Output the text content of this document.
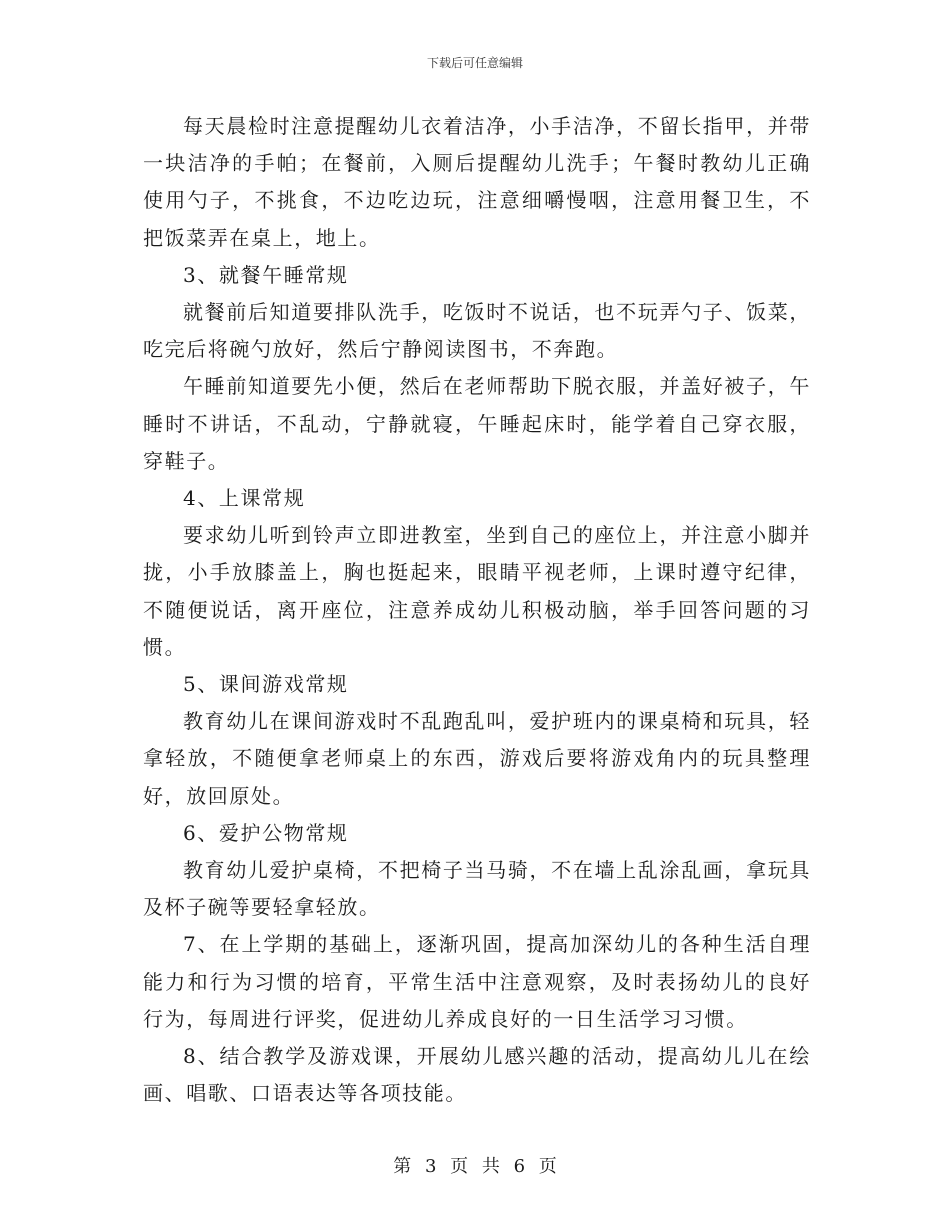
下载后可任意编辑

每天晨检时注意提醒幼儿衣着洁净，小手洁净，不留长指甲，并带一块洁净的手帕；在餐前，入厕后提醒幼儿洗手；午餐时教幼儿正确使用勺子，不挑食，不边吃边玩，注意细嚼慢咽，注意用餐卫生，不把饭菜弄在桌上，地上。

3、就餐午睡常规

就餐前后知道要排队洗手，吃饭时不说话，也不玩弄勺子、饭菜，吃完后将碗勺放好，然后宁静阅读图书，不奔跑。

午睡前知道要先小便，然后在老师帮助下脱衣服，并盖好被子，午睡时不讲话，不乱动，宁静就寝，午睡起床时，能学着自己穿衣服，穿鞋子。

4、上课常规

要求幼儿听到铃声立即进教室，坐到自己的座位上，并注意小脚并拢，小手放膝盖上，胸也挺起来，眼睛平视老师，上课时遵守纪律，不随便说话，离开座位，注意养成幼儿积极动脑，举手回答问题的习惯。

5、课间游戏常规

教育幼儿在课间游戏时不乱跑乱叫，爱护班内的课桌椅和玩具，轻拿轻放，不随便拿老师桌上的东西，游戏后要将游戏角内的玩具整理好，放回原处。

6、爱护公物常规

教育幼儿爱护桌椅，不把椅子当马骑，不在墙上乱涂乱画，拿玩具及杯子碗等要轻拿轻放。

7、在上学期的基础上，逐渐巩固，提高加深幼儿的各种生活自理能力和行为习惯的培育，平常生活中注意观察，及时表扬幼儿的良好行为，每周进行评奖，促进幼儿养成良好的一日生活学习习惯。

8、结合教学及游戏课，开展幼儿感兴趣的活动，提高幼儿儿在绘画、唱歌、口语表达等各项技能。

第 3 页 共 6 页
